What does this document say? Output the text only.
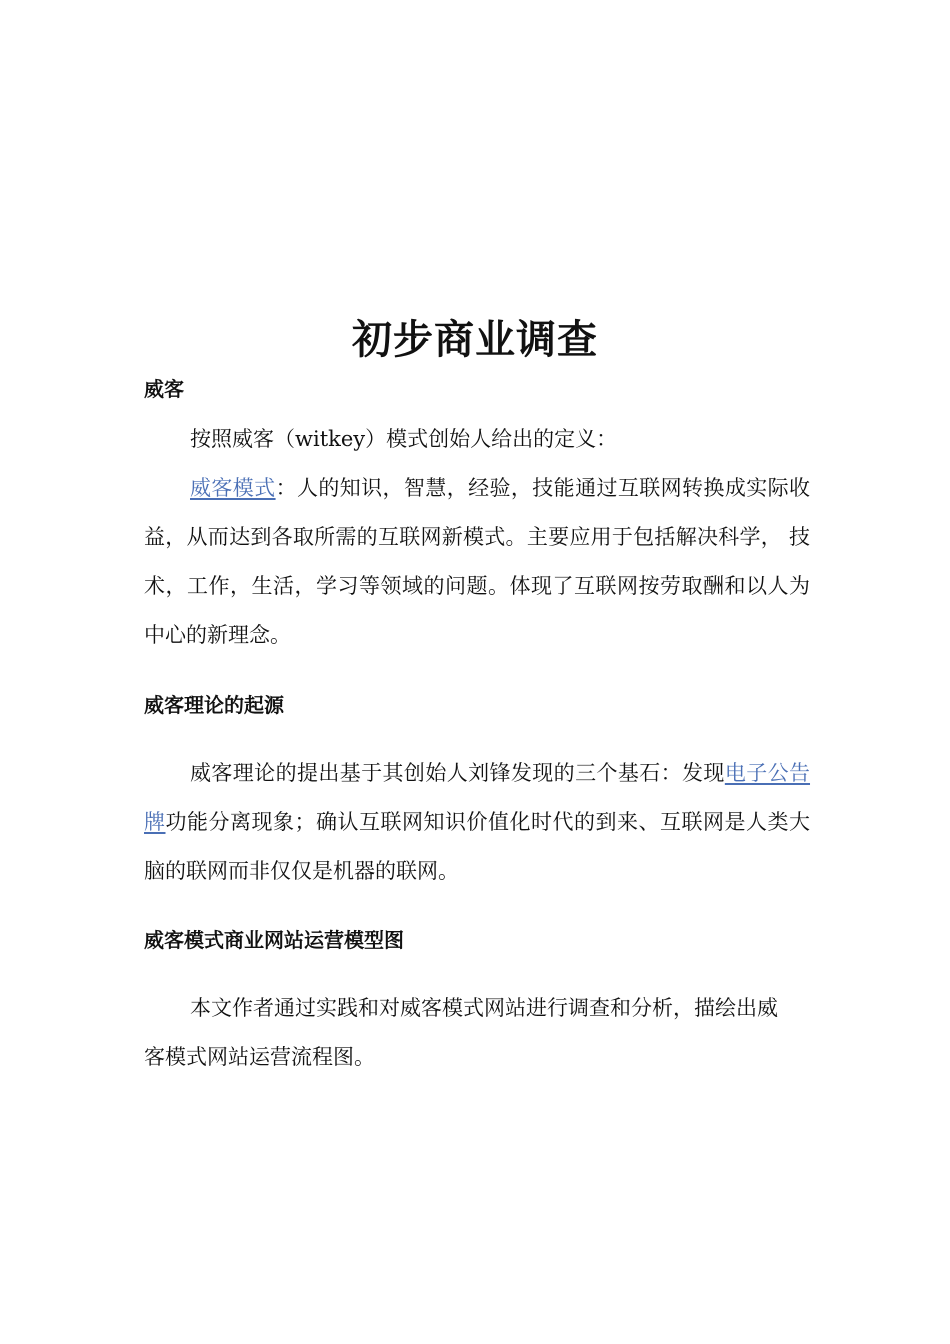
初步商业调查
威客

按照威客（witkey）模式创始人给出的定义：

威客模式：人的知识，智慧，经验，技能通过互联网转换成实际收益，从而达到各取所需的互联网新模式。主要应用于包括解决科学， 技术，工作，生活，学习等领域的问题。体现了互联网按劳取酬和以人为中心的新理念。

威客理论的起源

威客理论的提出基于其创始人刘锋发现的三个基石：发现电子公告牌功能分离现象；确认互联网知识价值化时代的到来、互联网是人类大脑的联网而非仅仅是机器的联网。

威客模式商业网站运营模型图

本文作者通过实践和对威客模式网站进行调查和分析，描绘出威客模式网站运营流程图。
